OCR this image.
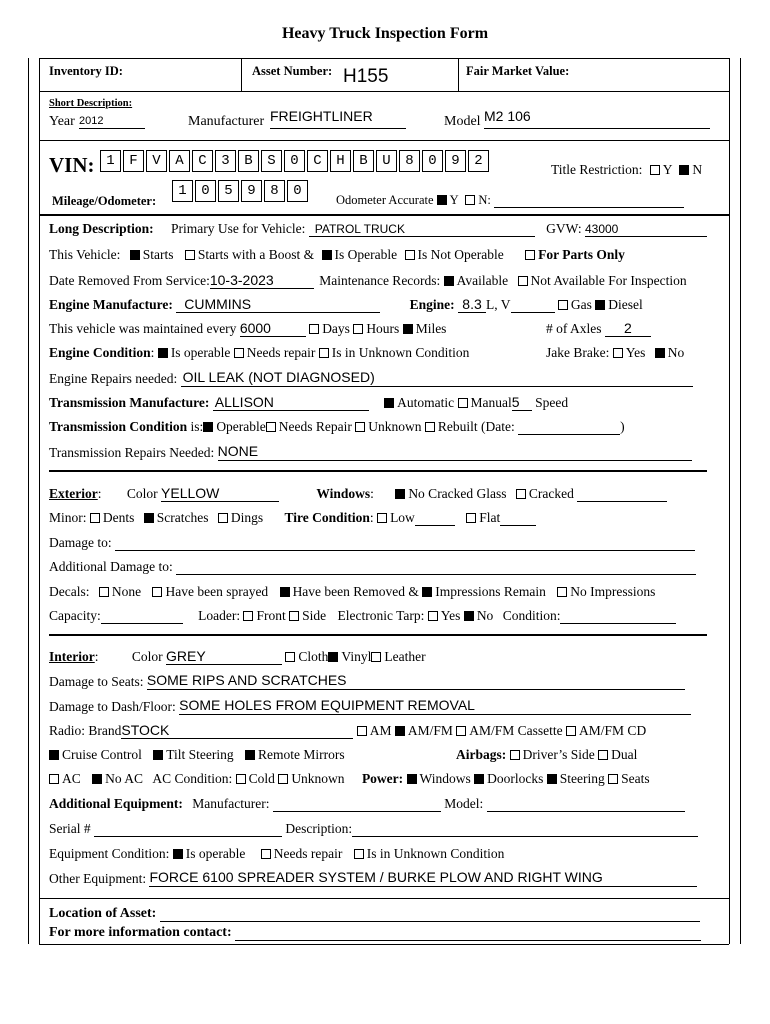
Heavy Truck Inspection Form
Inventory ID:	Asset Number: H155	Fair Market Value:
Short Description:
Year 2012	Manufacturer FREIGHTLINER	Model M2 106
VIN: 1 F V A C 3 B S 0 C H B U 8 0 9 2
Title Restriction: Y N
Mileage/Odometer:
1 0 5 9 8 0
Odometer Accurate Y N:
Long Description: Primary Use for Vehicle: PATROL TRUCK	GVW: 43000
This Vehicle: Starts Starts with a Boost & Is Operable Is Not Operable	For Parts Only
Date Removed From Service:10-3-2023	Maintenance Records: Available Not Available For Inspection
Engine Manufacture: CUMMINS	Engine: 8.3 L, V	Gas Diesel
This vehicle was maintained every 6000	Days Hours Miles	# of Axles 2
Engine Condition: Is operable Needs repair Is in Unknown Condition	Jake Brake: Yes No
Engine Repairs needed: OIL LEAK (NOT DIAGNOSED)
Transmission Manufacture: ALLISON	Automatic Manual5 Speed
Transmission Condition is: Operable Needs Repair Unknown Rebuilt (Date:	)
Transmission Repairs Needed: NONE
Exterior: Color YELLOW	Windows: No Cracked Glass Cracked
Minor: Dents Scratches Dings Tire Condition: Low	Flat
Damage to:
Additional Damage to:
Decals: None Have been sprayed Have been Removed & Impressions Remain No Impressions
Capacity:	Loader: Front Side Electronic Tarp: Yes No Condition:
Interior: Color GREY	Cloth Vinyl Leather
Damage to Seats: SOME RIPS AND SCRATCHES
Damage to Dash/Floor: SOME HOLES FROM EQUIPMENT REMOVAL
Radio: BrandSTOCK	AM AM/FM AM/FM Cassette AM/FM CD
Cruise Control Tilt Steering Remote Mirrors	Airbags: Driver’s Side Dual
AC No AC AC Condition: Cold Unknown Power: Windows Doorlocks Steering Seats
Additional Equipment: Manufacturer:	Model:
Serial #	Description:
Equipment Condition: Is operable Needs repair Is in Unknown Condition
Other Equipment: FORCE 6100 SPREADER SYSTEM / BURKE PLOW AND RIGHT WING
Location of Asset:
For more information contact:
